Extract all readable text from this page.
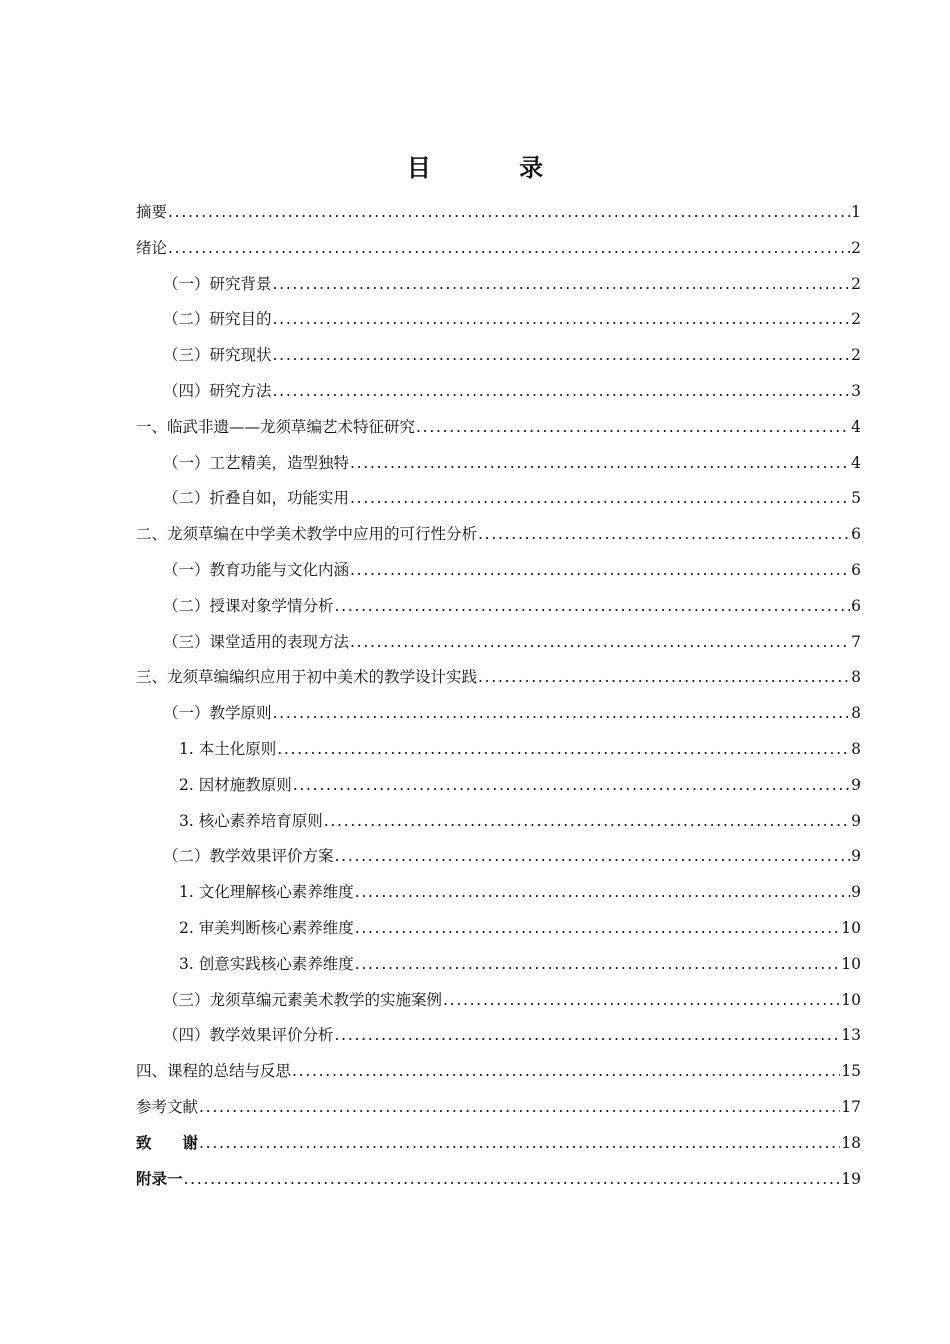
目 录
摘要 . . .	1
绪论 . . .	2
（一）研究背景 . . .	2
（二）研究目的 . . .	2
（三）研究现状 . . .	2
（四）研究方法 . . .	3
一、临武非遗——龙须草编艺术特征研究 . . .	4
（一）工艺精美，造型独特 . . .	4
（二）折叠自如，功能实用 . . .	5
二、龙须草编在中学美术教学中应用的可行性分析 . . .	6
（一）教育功能与文化内涵 . . .	6
（二）授课对象学情分析 . . .	6
（三）课堂适用的表现方法 . . .	7
三、龙须草编编织应用于初中美术的教学设计实践 . . .	8
（一）教学原则 . . .	8
1. 本土化原则 . . .	8
2. 因材施教原则 . . .	9
3. 核心素养培育原则 . . .	9
（二）教学效果评价方案 . . .	9
1. 文化理解核心素养维度 . . .	9
2. 审美判断核心素养维度 . . .	10
3. 创意实践核心素养维度 . . .	10
（三）龙须草编元素美术教学的实施案例 . . .	10
（四）教学效果评价分析 . . .	13
四、课程的总结与反思 . . .	15
参考文献 . . .	17
致　　谢 . . .	18
附录一 . . .	19
